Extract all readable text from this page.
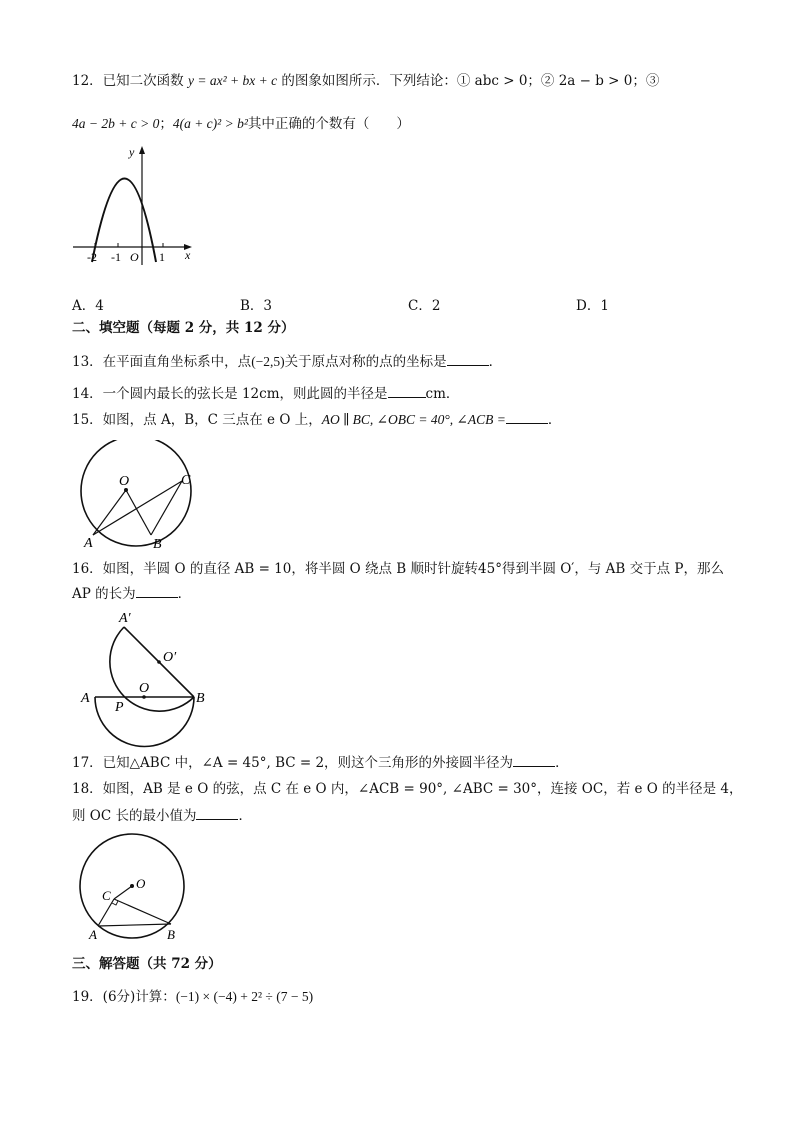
12．已知二次函数 y = ax² + bx + c 的图象如图所示．下列结论：① abc > 0；② 2a − b > 0；③
4a − 2b + c > 0；4(a + c)² > b²其中正确的个数有（　　）
y
x
-2 -1 O 1
A．4	B．3	C．2	D．1
二、填空题（每题 2 分，共 12 分）
13．在平面直角坐标系中，点(−2,5)关于原点对称的点的坐标是	．
14．一个圆内最长的弦长是 12cm，则此圆的半径是	cm．
15．如图，点 A，B，C 三点在 e O 上，AO ∥ BC, ∠OBC = 40°, ∠ACB =	．
O	C
A	B
16．如图，半圆 O 的直径 AB = 10，将半圆 O 绕点 B 顺时针旋转45°得到半圆 O′，与 AB 交于点 P，那么
AP 的长为	．
A′
O′
O
A	B
P
17．已知△ABC 中，∠A = 45°, BC = 2，则这个三角形的外接圆半径为	．
18．如图，AB 是 e O 的弦，点 C 在 e O 内，∠ACB = 90°, ∠ABC = 30°，连接 OC，若 e O 的半径是 4，
则 OC 长的最小值为	．
O
C
A	B
三、解答题（共 72 分）
19．(6分)计算：(−1) × (−4) + 2² ÷ (7 − 5)
